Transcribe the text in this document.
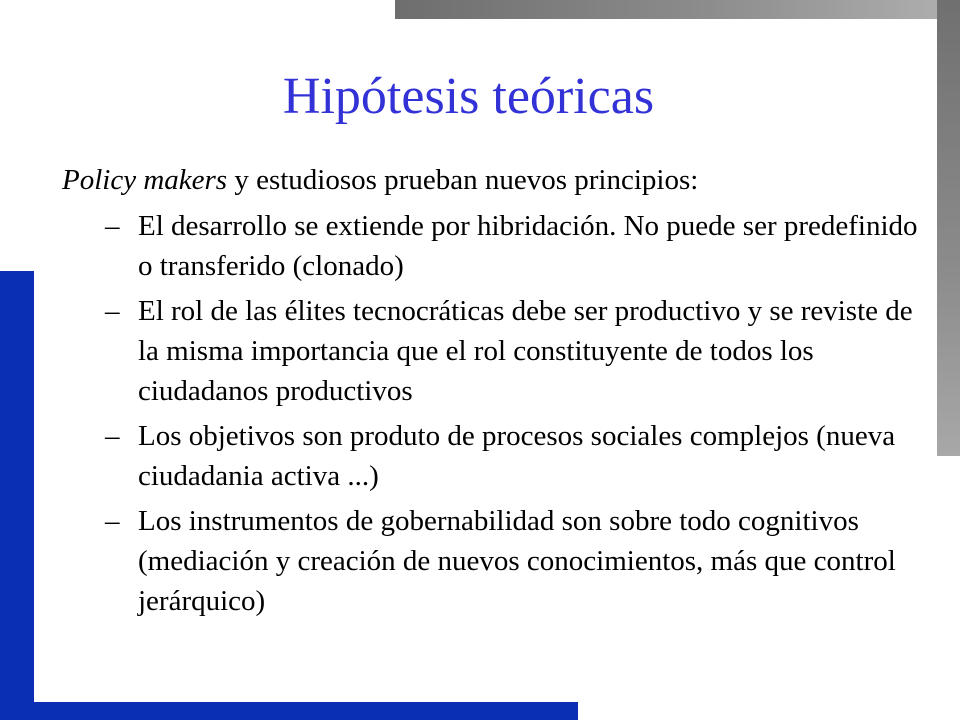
Hipótesis teóricas
Policy makers y estudiosos prueban nuevos principios:
– El desarrollo se extiende por hibridación. No puede ser predefinido o transferido (clonado)
– El rol de las élites tecnocráticas debe ser productivo y se reviste de la misma importancia que el rol constituyente de todos los ciudadanos productivos
– Los objetivos son produto de procesos sociales complejos (nueva ciudadania activa ...)
– Los instrumentos de gobernabilidad son sobre todo cognitivos (mediación y creación de nuevos conocimientos, más que control jerárquico)
